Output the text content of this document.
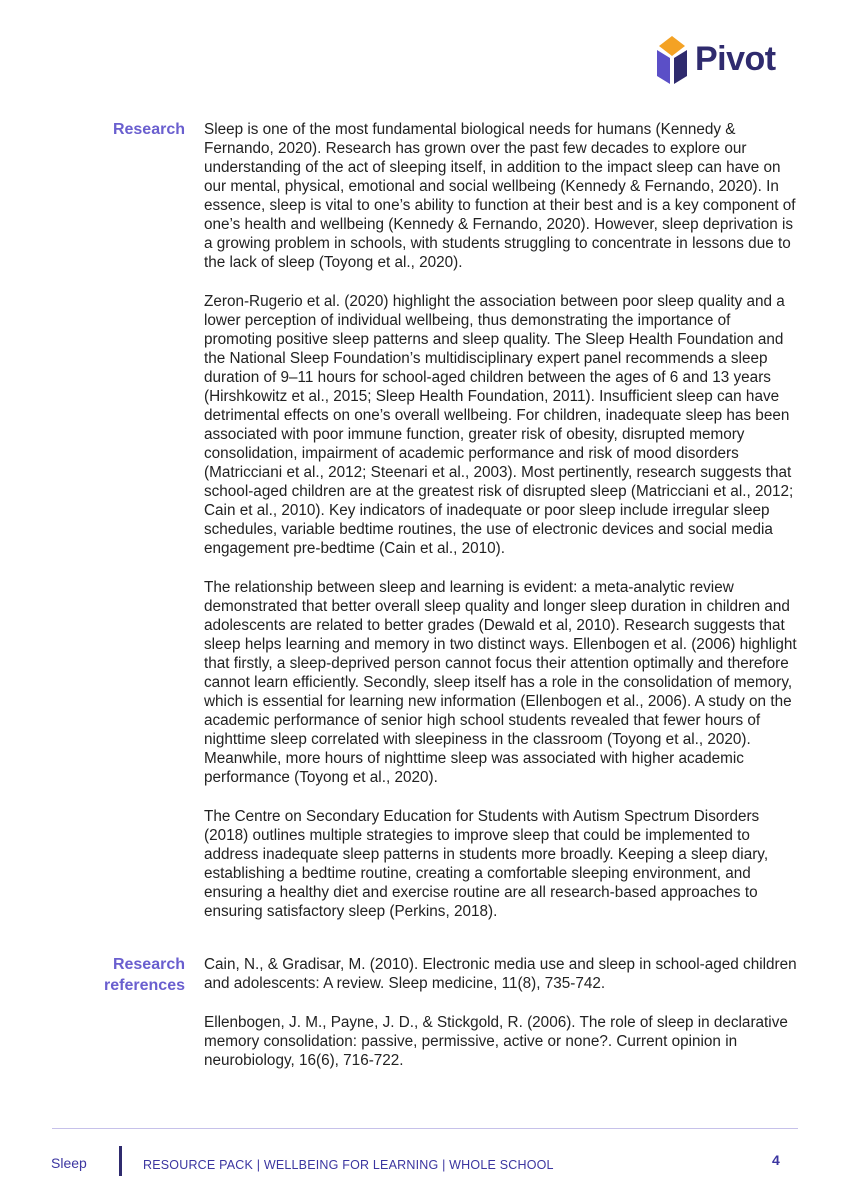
Pivot
Research Sleep is one of the most fundamental biological needs for humans (Kennedy & Fernando, 2020). Research has grown over the past few decades to explore our understanding of the act of sleeping itself, in addition to the impact sleep can have on our mental, physical, emotional and social wellbeing (Kennedy & Fernando, 2020). In essence, sleep is vital to one’s ability to function at their best and is a key component of one’s health and wellbeing (Kennedy & Fernando, 2020). However, sleep deprivation is a growing problem in schools, with students struggling to concentrate in lessons due to the lack of sleep (Toyong et al., 2020).

Zeron-Rugerio et al. (2020) highlight the association between poor sleep quality and a lower perception of individual wellbeing, thus demonstrating the importance of promoting positive sleep patterns and sleep quality. The Sleep Health Foundation and the National Sleep Foundation’s multidisciplinary expert panel recommends a sleep duration of 9–11 hours for school-aged children between the ages of 6 and 13 years (Hirshkowitz et al., 2015; Sleep Health Foundation, 2011). Insufficient sleep can have detrimental effects on one’s overall wellbeing. For children, inadequate sleep has been associated with poor immune function, greater risk of obesity, disrupted memory consolidation, impairment of academic performance and risk of mood disorders (Matricciani et al., 2012; Steenari et al., 2003). Most pertinently, research suggests that school-aged children are at the greatest risk of disrupted sleep (Matricciani et al., 2012; Cain et al., 2010). Key indicators of inadequate or poor sleep include irregular sleep schedules, variable bedtime routines, the use of electronic devices and social media engagement pre-bedtime (Cain et al., 2010).

The relationship between sleep and learning is evident: a meta-analytic review demonstrated that better overall sleep quality and longer sleep duration in children and adolescents are related to better grades (Dewald et al, 2010). Research suggests that sleep helps learning and memory in two distinct ways. Ellenbogen et al. (2006) highlight that firstly, a sleep-deprived person cannot focus their attention optimally and therefore cannot learn efficiently. Secondly, sleep itself has a role in the consolidation of memory, which is essential for learning new information (Ellenbogen et al., 2006). A study on the academic performance of senior high school students revealed that fewer hours of nighttime sleep correlated with sleepiness in the classroom (Toyong et al., 2020). Meanwhile, more hours of nighttime sleep was associated with higher academic performance (Toyong et al., 2020).

The Centre on Secondary Education for Students with Autism Spectrum Disorders (2018) outlines multiple strategies to improve sleep that could be implemented to address inadequate sleep patterns in students more broadly. Keeping a sleep diary, establishing a bedtime routine, creating a comfortable sleeping environment, and ensuring a healthy diet and exercise routine are all research-based approaches to ensuring satisfactory sleep (Perkins, 2018).

Research
references

Cain, N., & Gradisar, M. (2010). Electronic media use and sleep in school-aged children and adolescents: A review. Sleep medicine, 11(8), 735-742.

Ellenbogen, J. M., Payne, J. D., & Stickgold, R. (2006). The role of sleep in declarative memory consolidation: passive, permissive, active or none?. Current opinion in neurobiology, 16(6), 716-722.

Sleep	RESOURCE PACK | WELLBEING FOR LEARNING | WHOLE SCHOOL	4
